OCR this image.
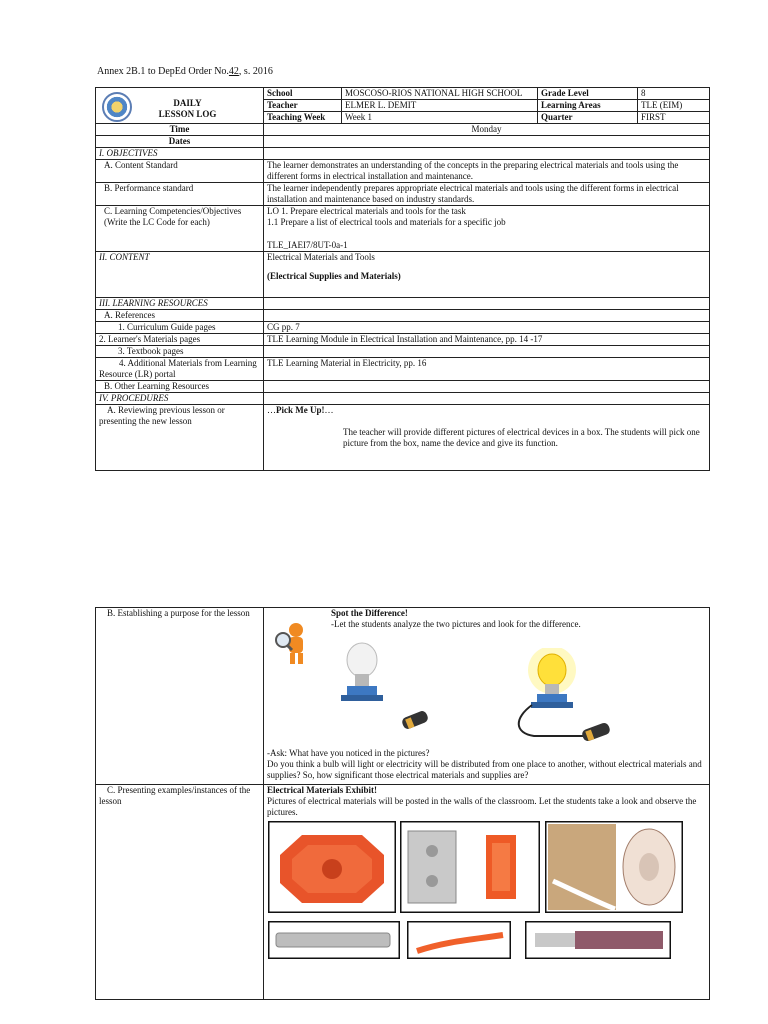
Annex 2B.1 to DepEd Order No.42, s. 2016
DAILY
LESSON LOG	School	MOSCOSO-RIOS NATIONAL HIGH SCHOOL	Grade Level	8
	Teacher	ELMER L. DEMIT	Learning Areas	TLE (EIM)
	Teaching Week	Week 1	Quarter	FIRST
Time	Monday			
Dates				
I. OBJECTIVES				
A. Content Standard	The learner demonstrates an understanding of the concepts in the preparing electrical materials and tools using the different forms in electrical installation and maintenance.			
B. Performance standard	The learner independently prepares appropriate electrical materials and tools using the different forms in electrical installation and maintenance based on industry standards.			
C. Learning Competencies/Objectives (Write the LC Code for each)	LO 1. Prepare electrical materials and tools for the task
1.1 Prepare a list of electrical tools and materials for a specific job
TLE_IAEI7/8UT-0a-1			

II. CONTENT	Electrical Materials and Tools
(Electrical Supplies and Materials)			

III. LEARNING RESOURCES				
A. References				
1. Curriculum Guide pages	CG pp. 7			
2. Learner's Materials pages	TLE Learning Module in Electrical Installation and Maintenance, pp. 14 -17			
3. Textbook pages				
4. Additional Materials from Learning Resource (LR) portal	TLE Learning Material in Electricity, pp. 16			
B. Other Learning Resources				
IV. PROCEDURES				
A. Reviewing previous lesson or presenting the new lesson	…Pick Me Up!…
The teacher will provide different pictures of electrical devices in a box. The students will pick one picture from the box, name the device and give its function.			
B. Establishing a purpose for the lesson	Spot the Difference!
-Let the students analyze the two pictures and look for the difference.
-Ask: What have you noticed in the pictures?
Do you think a bulb will light or electricity will be distributed from one place to another, without electrical materials and supplies? So, how significant those electrical materials and supplies are?

C. Presenting examples/instances of the lesson	Electrical Materials Exhibit!
Pictures of electrical materials will be posted in the walls of the classroom. Let the students take a look and observe the pictures.
